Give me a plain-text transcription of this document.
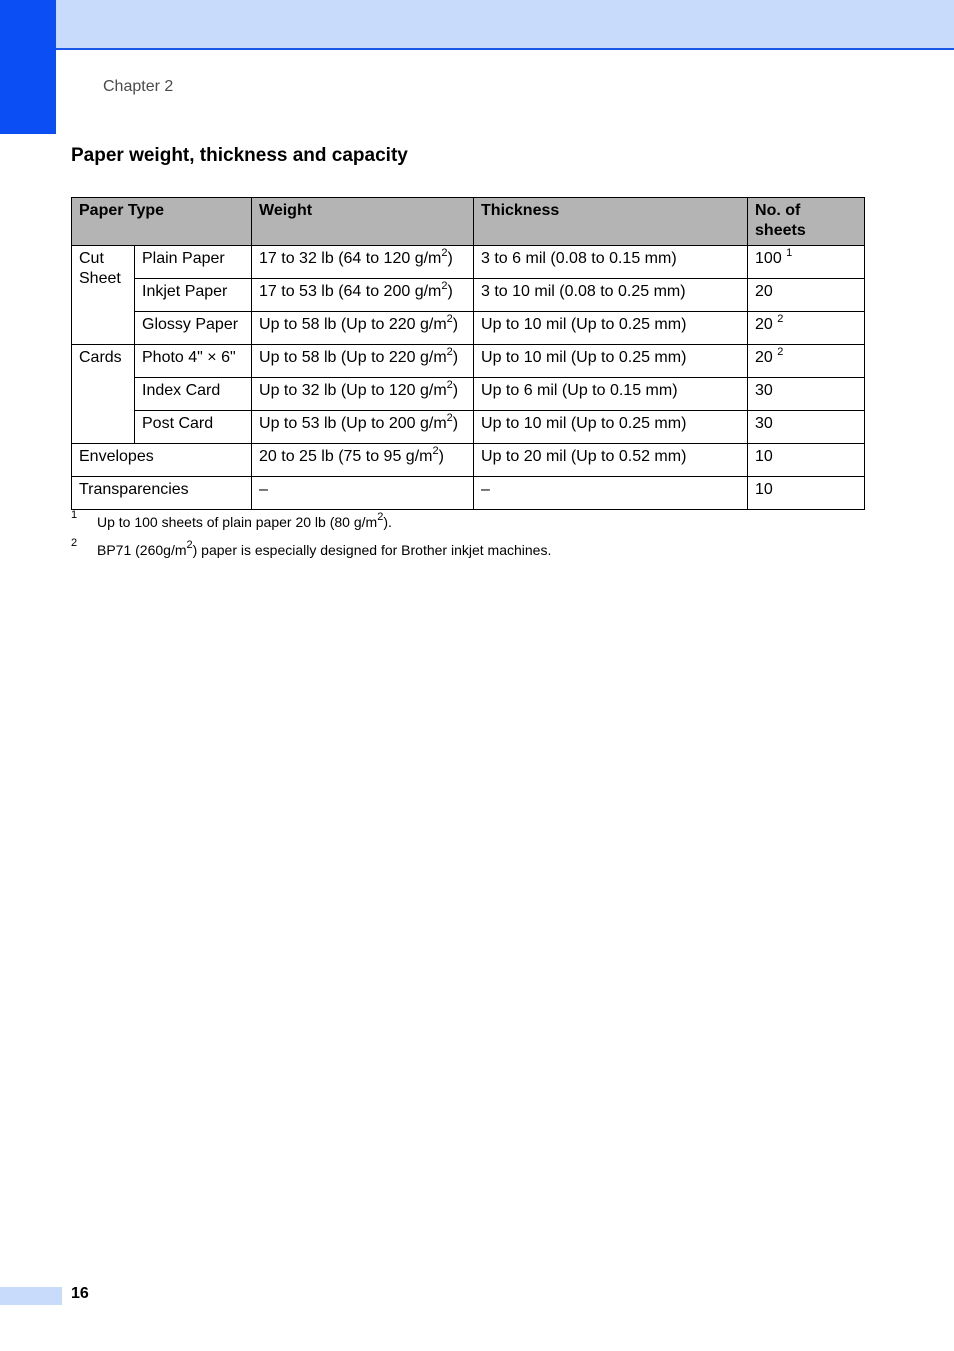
Chapter 2
Paper weight, thickness and capacity
Paper Type		Weight	Thickness	No. of
sheets
Cut
Sheet	Plain Paper	17 to 32 lb (64 to 120 $g/m^2$)	3 to 6 mil (0.08 to 0.15 mm)	100 $^1$
	Inkjet Paper	17 to 53 lb (64 to 200 $g/m^2$)	3 to 10 mil (0.08 to 0.25 mm)	20
	Glossy Paper	Up to 58 lb (Up to 220 $g/m^2$)	Up to 10 mil (Up to 0.25 mm)	20 $^2$
Cards	Photo 4" × 6"	Up to 58 lb (Up to 220 $g/m^2$)	Up to 10 mil (Up to 0.25 mm)	20 $^2$
	Index Card	Up to 32 lb (Up to 120 $g/m^2$)	Up to 6 mil (Up to 0.15 mm)	30
	Post Card	Up to 53 lb (Up to 200 $g/m^2$)	Up to 10 mil (Up to 0.25 mm)	30
Envelopes		20 to 25 lb (75 to 95 $g/m^2$)	Up to 20 mil (Up to 0.52 mm)	10
Transparencies		–	–	10
1 Up to 100 sheets of plain paper 20 lb (80 $g/m^2$).
2 BP71 $(260g/m^2)$ paper is especially designed for Brother inkjet machines.
16
